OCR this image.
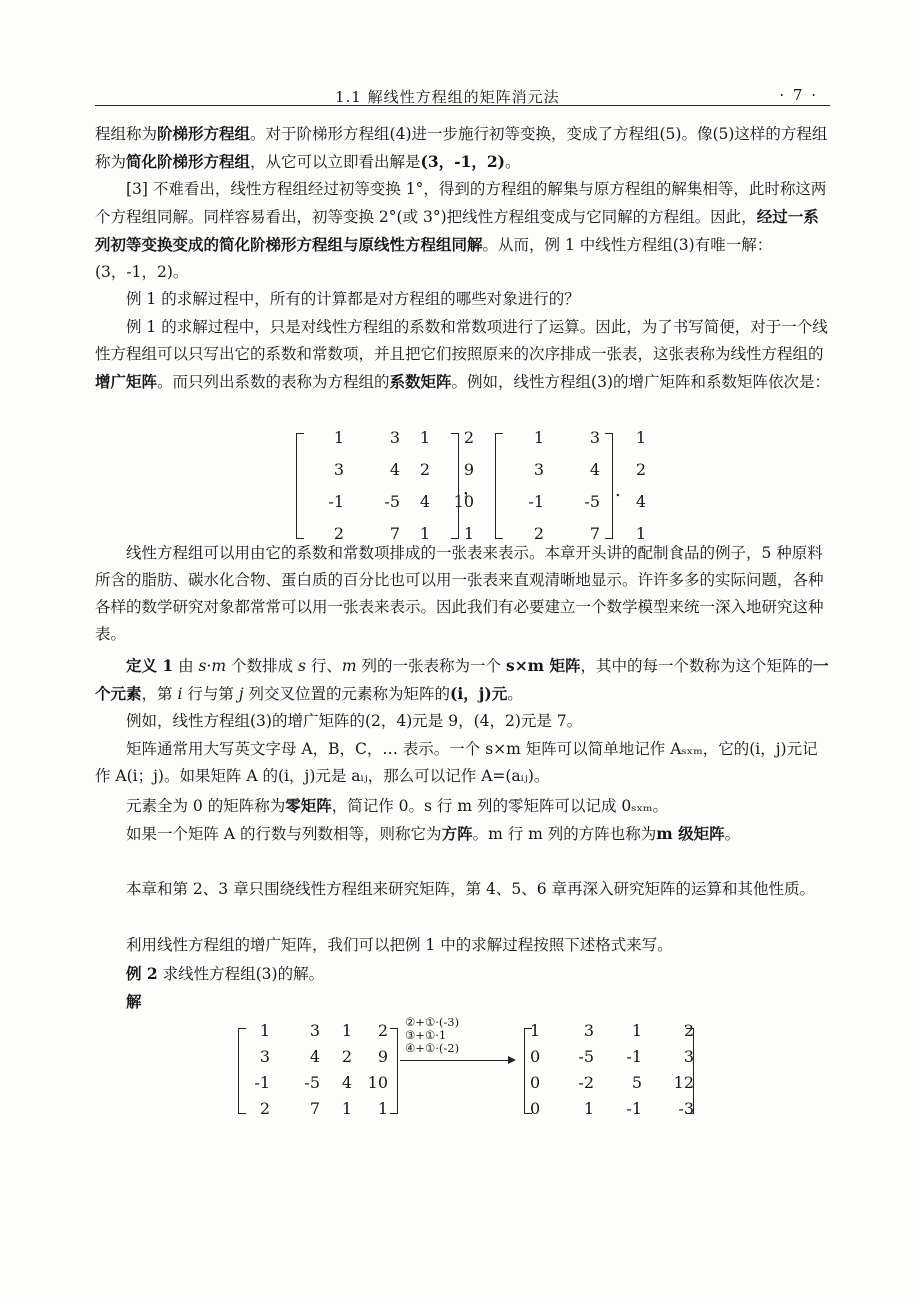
1.1 解线性方程组的矩阵消元法	· 7 ·
程组称为阶梯形方程组。对于阶梯形方程组(4)进一步施行初等变换，变成了方程组(5)。像(5)这样的方程组称为简化阶梯形方程组，从它可以立即看出解是(3，-1，2)。
[3] 不难看出，线性方程组经过初等变换 1°，得到的方程组的解集与原方程组的解集相等，此时称这两个方程组同解。同样容易看出，初等变换 2°(或 3°)把线性方程组变成与它同解的方程组。因此，经过一系列初等变换变成的简化阶梯形方程组与原线性方程组同解。从而，例 1 中线性方程组(3)有唯一解：(3，-1，2)。
例 1 的求解过程中，所有的计算都是对方程组的哪些对象进行的？
例 1 的求解过程中，只是对线性方程组的系数和常数项进行了运算。因此，为了书写简便，对于一个线性方程组可以只写出它的系数和常数项，并且把它们按照原来的次序排成一张表，这张表称为线性方程组的增广矩阵。而只列出系数的表称为方程组的系数矩阵。例如，线性方程组(3)的增广矩阵和系数矩阵依次是：
1	3	1	2
3	4	2	9
-1	-5	4	10
2	7	1	1
，
1	3	1
3	4	2
-1	-5	4
2	7	1
.
线性方程组可以用由它的系数和常数项排成的一张表来表示。本章开头讲的配制食品的例子，5 种原料所含的脂肪、碳水化合物、蛋白质的百分比也可以用一张表来直观清晰地显示。许许多多的实际问题，各种各样的数学研究对象都常常可以用一张表来表示。因此我们有必要建立一个数学模型来统一深入地研究这种表。
定义 1 由 s·m 个数排成 s 行、m 列的一张表称为一个 s×m 矩阵，其中的每一个数称为这个矩阵的一个元素，第 i 行与第 j 列交叉位置的元素称为矩阵的(i，j)元。
例如，线性方程组(3)的增广矩阵的(2，4)元是 9，(4，2)元是 7。
矩阵通常用大写英文字母 A，B，C，… 表示。一个 s×m 矩阵可以简单地记作 Aₛₓₘ，它的(i，j)元记作 A(i；j)。如果矩阵 A 的(i，j)元是 aᵢⱼ，那么可以记作 A=(aᵢⱼ)。
元素全为 0 的矩阵称为零矩阵，简记作 0。s 行 m 列的零矩阵可以记成 0ₛₓₘ。
如果一个矩阵 A 的行数与列数相等，则称它为方阵。m 行 m 列的方阵也称为m 级矩阵。
本章和第 2、3 章只围绕线性方程组来研究矩阵，第 4、5、6 章再深入研究矩阵的运算和其他性质。
利用线性方程组的增广矩阵，我们可以把例 1 中的求解过程按照下述格式来写。
例 2 求线性方程组(3)的解。
解
1	3	1	2
3	4	2	9
-1	-5	4 10
2	7	1	1
②+①·(-3)
③+①·1
④+①·(-2)
1	3	1	2
0	-5	-1	3
0	-2	5	12
0	1	-1	-3
